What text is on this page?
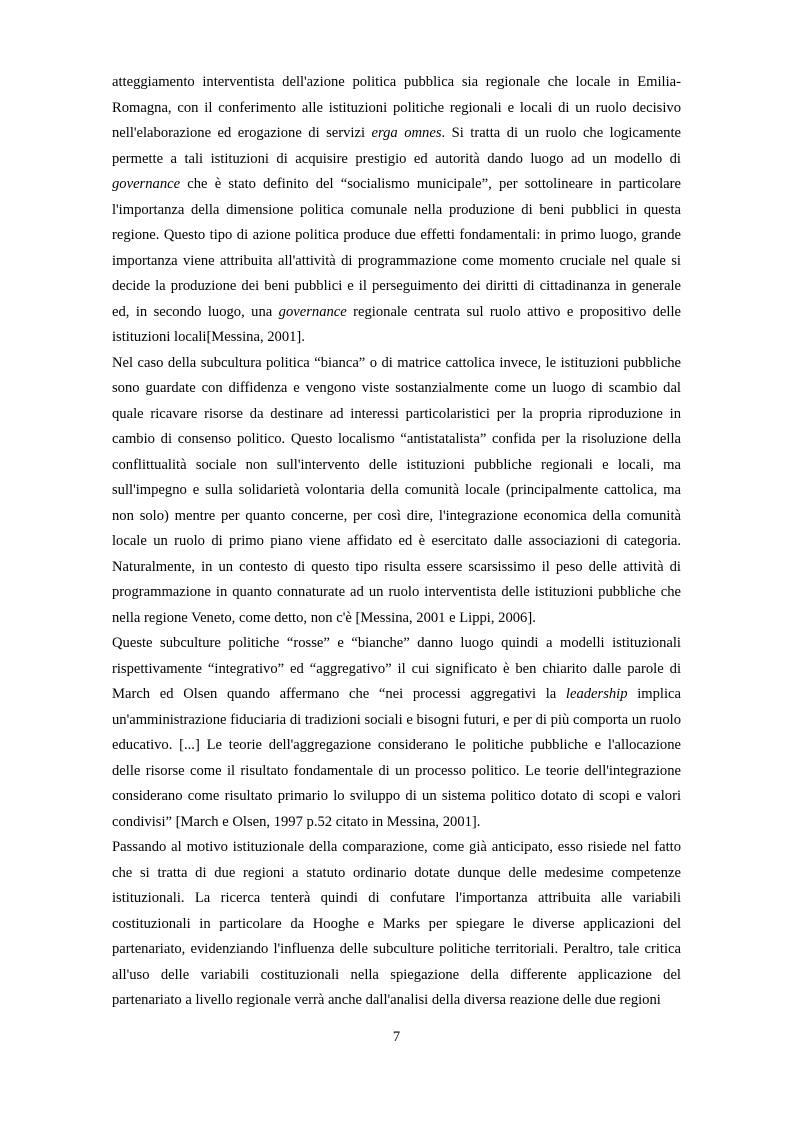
atteggiamento interventista dell'azione politica pubblica sia regionale che locale in Emilia-Romagna, con il conferimento alle istituzioni politiche regionali e locali di un ruolo decisivo nell'elaborazione ed erogazione di servizi erga omnes. Si tratta di un ruolo che logicamente permette a tali istituzioni di acquisire prestigio ed autorità dando luogo ad un modello di governance che è stato definito del “socialismo municipale”, per sottolineare in particolare l'importanza della dimensione politica comunale nella produzione di beni pubblici in questa regione. Questo tipo di azione politica produce due effetti fondamentali: in primo luogo, grande importanza viene attribuita all'attività di programmazione come momento cruciale nel quale si decide la produzione dei beni pubblici e il perseguimento dei diritti di cittadinanza in generale ed, in secondo luogo, una governance regionale centrata sul ruolo attivo e propositivo delle istituzioni locali[Messina, 2001].

Nel caso della subcultura politica “bianca” o di matrice cattolica invece, le istituzioni pubbliche sono guardate con diffidenza e vengono viste sostanzialmente come un luogo di scambio dal quale ricavare risorse da destinare ad interessi particolaristici per la propria riproduzione in cambio di consenso politico. Questo localismo “antistatalista” confida per la risoluzione della conflittualità sociale non sull'intervento delle istituzioni pubbliche regionali e locali, ma sull'impegno e sulla solidarietà volontaria della comunità locale (principalmente cattolica, ma non solo) mentre per quanto concerne, per così dire, l'integrazione economica della comunità locale un ruolo di primo piano viene affidato ed è esercitato dalle associazioni di categoria. Naturalmente, in un contesto di questo tipo risulta essere scarsissimo il peso delle attività di programmazione in quanto connaturate ad un ruolo interventista delle istituzioni pubbliche che nella regione Veneto, come detto, non c'è [Messina, 2001 e Lippi, 2006].

Queste subculture politiche “rosse” e “bianche” danno luogo quindi a modelli istituzionali rispettivamente “integrativo” ed “aggregativo” il cui significato è ben chiarito dalle parole di March ed Olsen quando affermano che “nei processi aggregativi la leadership implica un'amministrazione fiduciaria di tradizioni sociali e bisogni futuri, e per di più comporta un ruolo educativo. [...] Le teorie dell'aggregazione considerano le politiche pubbliche e l'allocazione delle risorse come il risultato fondamentale di un processo politico. Le teorie dell'integrazione considerano come risultato primario lo sviluppo di un sistema politico dotato di scopi e valori condivisi” [March e Olsen, 1997 p.52 citato in Messina, 2001].

Passando al motivo istituzionale della comparazione, come già anticipato, esso risiede nel fatto che si tratta di due regioni a statuto ordinario dotate dunque delle medesime competenze istituzionali. La ricerca tenterà quindi di confutare l'importanza attribuita alle variabili costituzionali in particolare da Hooghe e Marks per spiegare le diverse applicazioni del partenariato, evidenziando l'influenza delle subculture politiche territoriali. Peraltro, tale critica all'uso delle variabili costituzionali nella spiegazione della differente applicazione del partenariato a livello regionale verrà anche dall'analisi della diversa reazione delle due regioni

7
